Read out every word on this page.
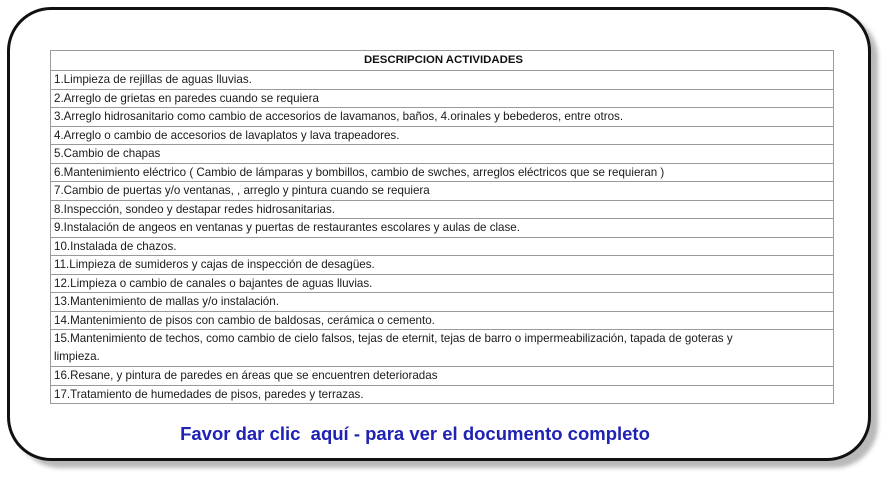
DESCRIPCION ACTIVIDADES
1.Limpieza de rejillas de aguas lluvias.
2.Arreglo de grietas en paredes cuando se requiera
3.Arreglo hidrosanitario como cambio de accesorios de lavamanos, baños, 4.orinales y bebederos, entre otros.
4.Arreglo o cambio de accesorios de lavaplatos y lava trapeadores.
5.Cambio de chapas
6.Mantenimiento eléctrico ( Cambio de lámparas y bombillos, cambio de swches, arreglos eléctricos que se requieran )
7.Cambio de puertas y/o ventanas, , arreglo y pintura cuando se requiera
8.Inspección, sondeo y destapar redes hidrosanitarias.
9.Instalación de angeos en ventanas y puertas de restaurantes escolares y aulas de clase.
10.Instalada de chazos.
11.Limpieza de sumideros y cajas de inspección de desagües.
12.Limpieza o cambio de canales o bajantes de aguas lluvias.
13.Mantenimiento de mallas y/o instalación.
14.Mantenimiento de pisos con cambio de baldosas, cerámica o cemento.
15.Mantenimiento de techos, como cambio de cielo falsos, tejas de eternit, tejas de barro o impermeabilización, tapada de goteras y limpieza.
16.Resane, y pintura de paredes en áreas que se encuentren deterioradas
17.Tratamiento de humedades de pisos, paredes y terrazas.
Favor dar clic  aquí - para ver el documento completo
